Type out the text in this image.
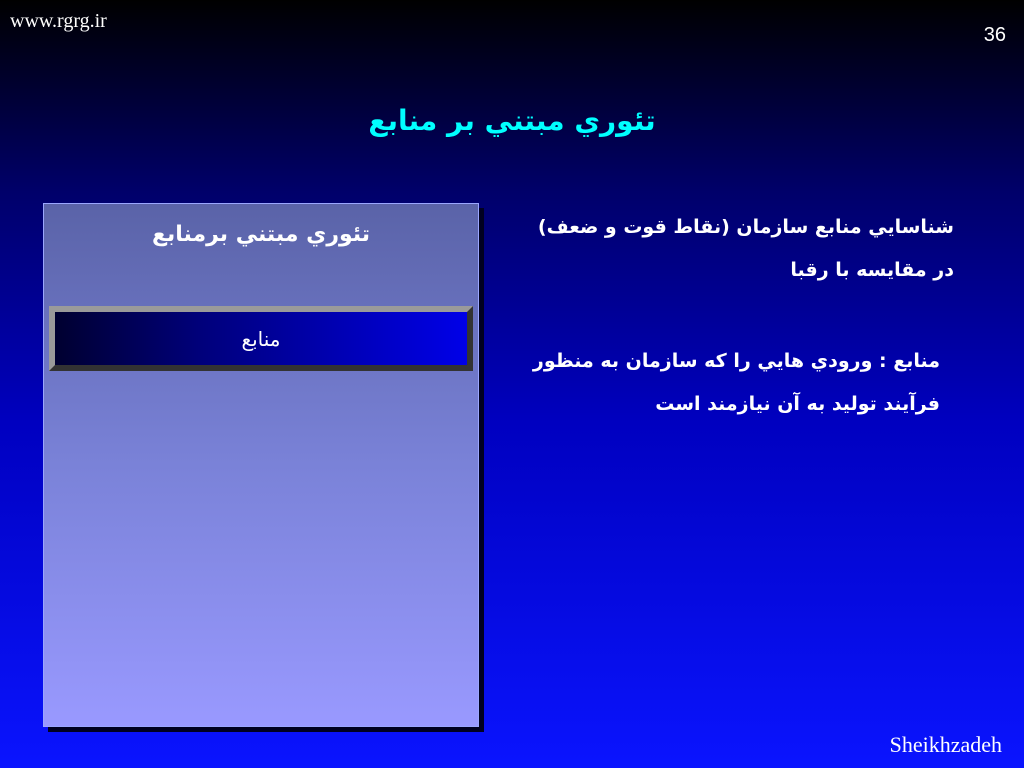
www.rgrg.ir
36
تئوري مبتني بر منابع
تئوري مبتني برمنابع
منابع
شناسايي منابع سازمان (نقاط قوت و ضعف)
در مقايسه با رقبا
منابع : ورودي هايي را كه سازمان به منظور
فرآيند توليد به آن نيازمند است
Sheikhzadeh
